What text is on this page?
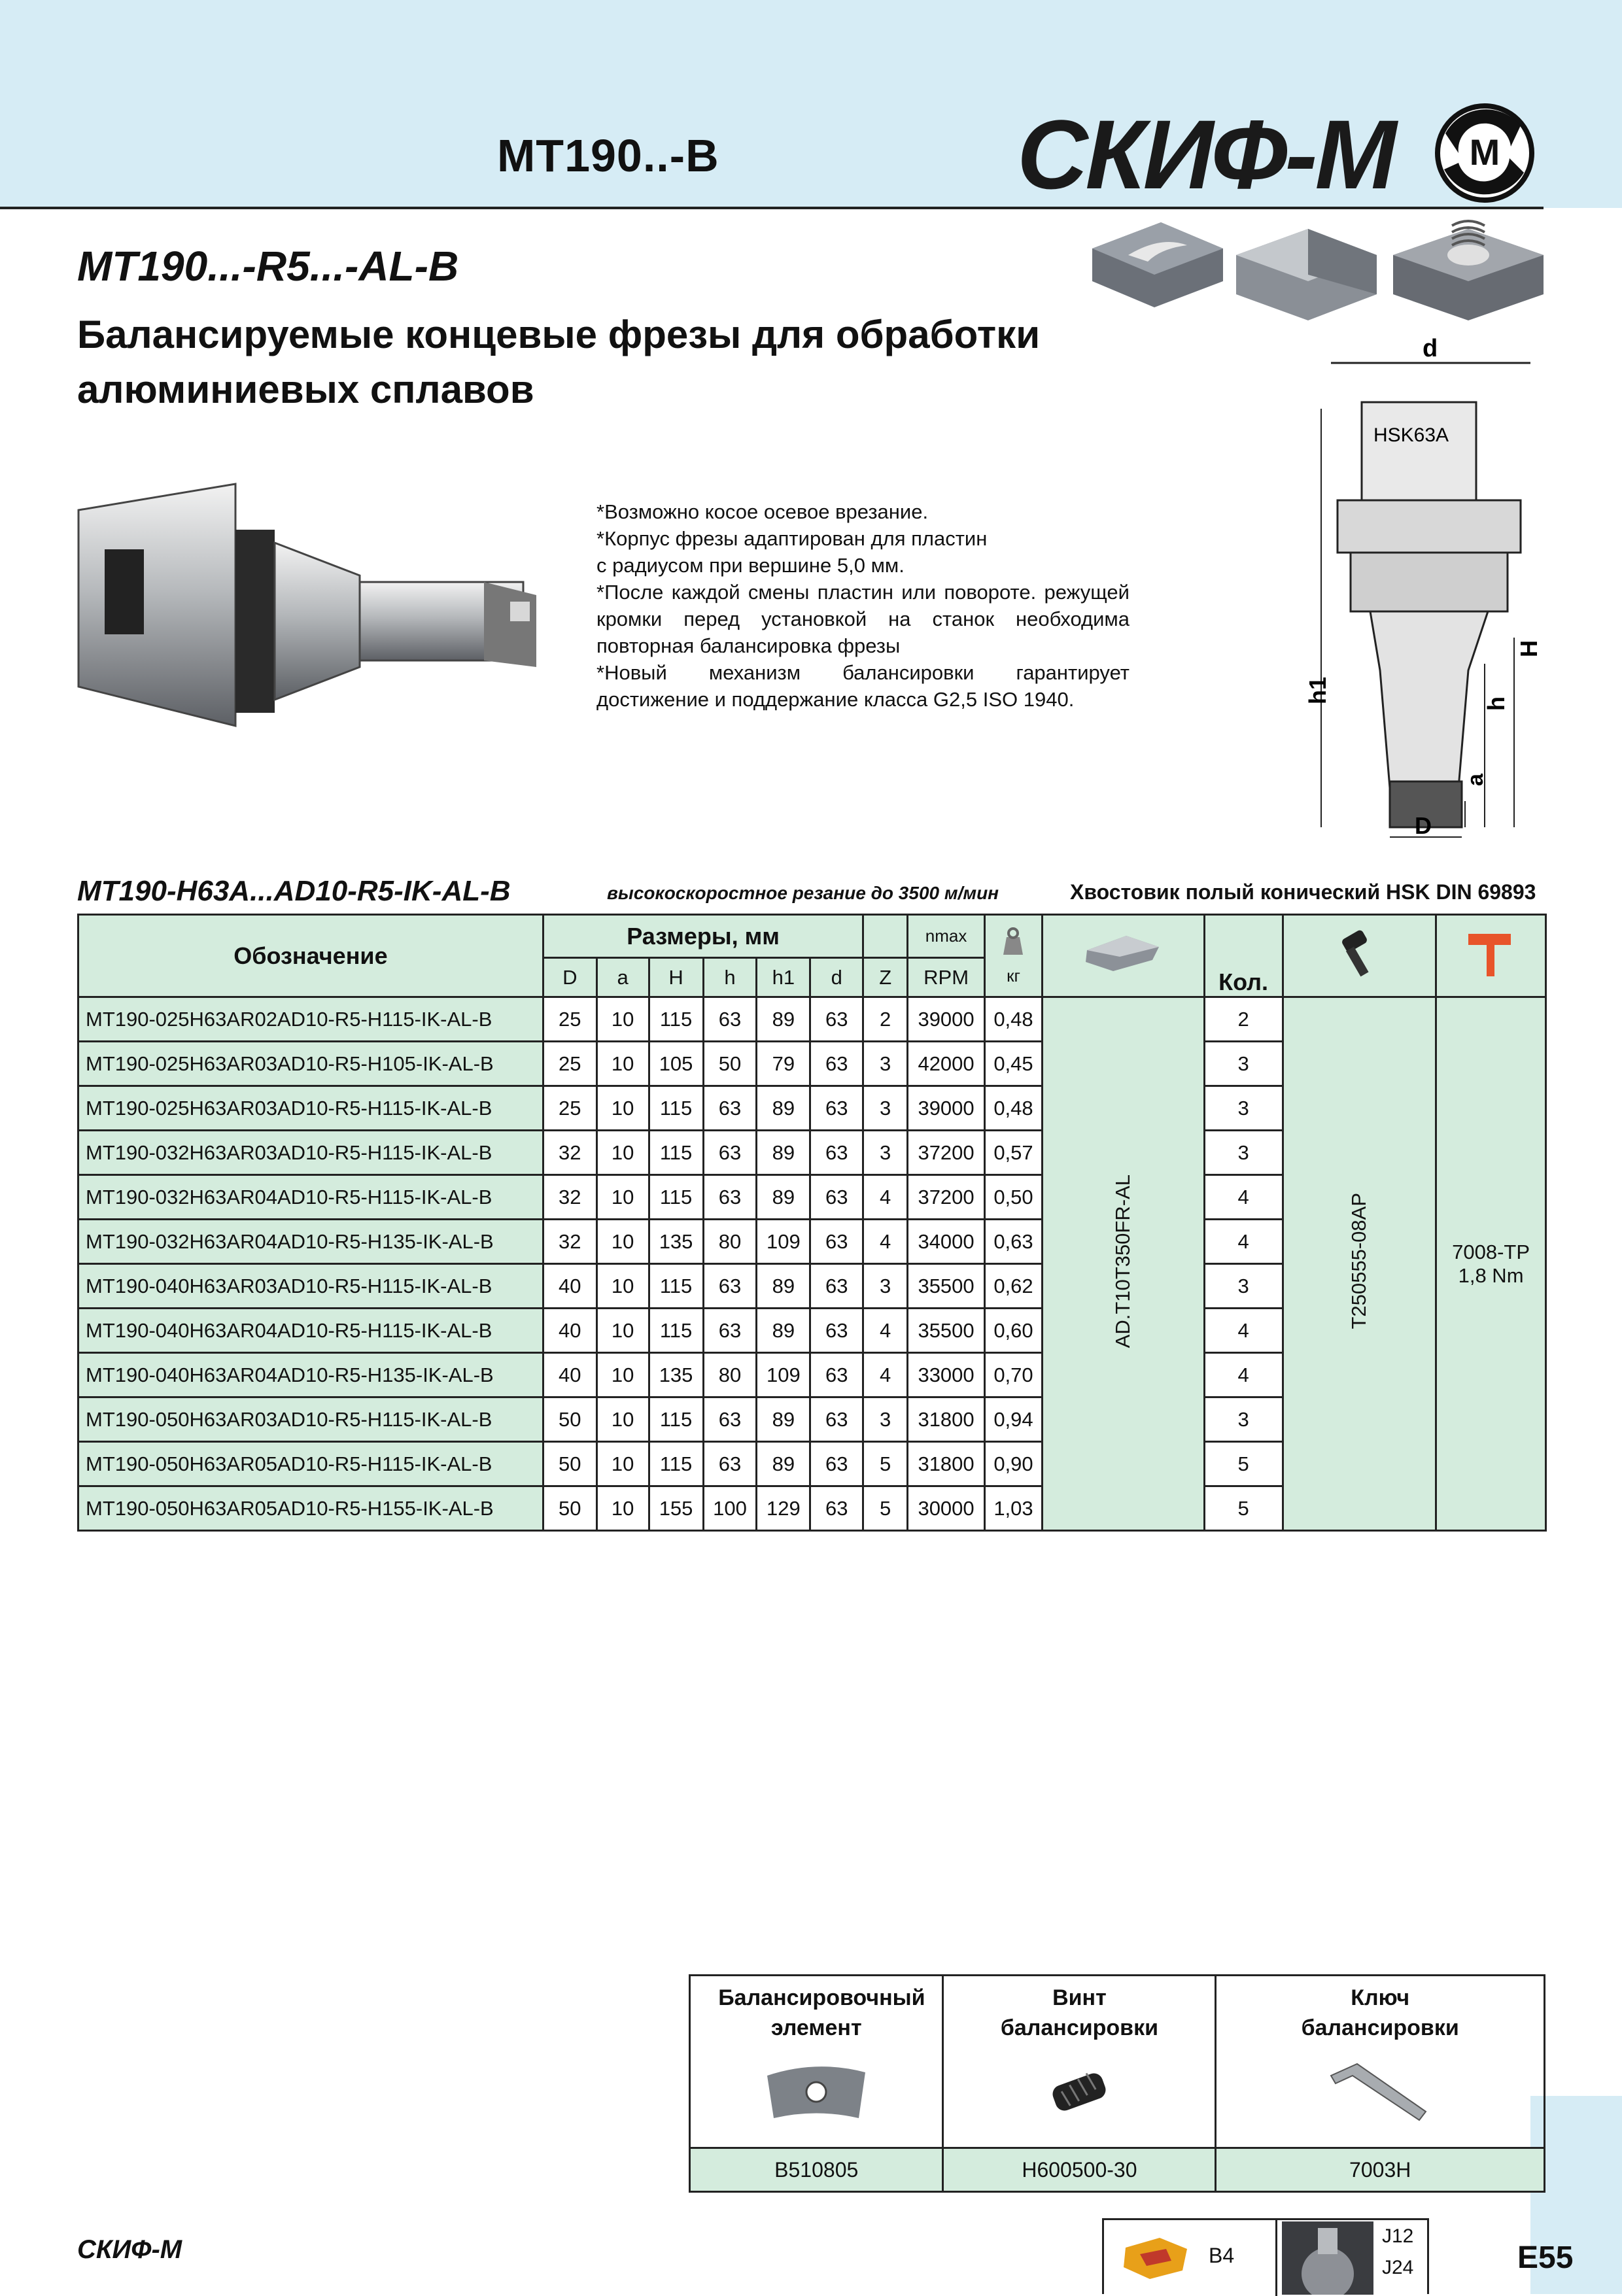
MT190..-B	СКИФ-М M
MT190...-R5...-AL-B
Балансируемые концевые фрезы для обработки алюминиевых сплавов
*Возможно косое осевое врезание.
*Корпус фрезы адаптирован для пластин
с радиусом при вершине 5,0 мм.
*После каждой смены пластин или повороте. режущей кромки перед установкой на станок необходима повторная балансировка фрезы
*Новый механизм балансировки гарантирует достижение и поддержание класса G2,5 ISO 1940.
d
HSK63A
h1
H
h
a
D
MT190-H63A...AD10-R5-IK-AL-B	высокоскоростное резание до 3500 м/мин	Хвостовик полый конический HSK DIN 69893
Обозначение	Размеры, мм							nmax	кг		Кол.		
	D	a	H	h	h1	d	Z	RPM					
MT190-025H63AR02AD10-R5-H115-IK-AL-B	25	10	115	63	89	63	2	39000	0,48	AD.T10T350FR-AL	2	T250555-08AP	7008-TP
1,8 Nm

MT190-025H63AR03AD10-R5-H105-IK-AL-B	25	10	105	50	79	63	3	42000	0,45		3		
MT190-025H63AR03AD10-R5-H115-IK-AL-B	25	10	115	63	89	63	3	39000	0,48		3		
MT190-032H63AR03AD10-R5-H115-IK-AL-B	32	10	115	63	89	63	3	37200	0,57		3		
MT190-032H63AR04AD10-R5-H115-IK-AL-B	32	10	115	63	89	63	4	37200	0,50		4		
MT190-032H63AR04AD10-R5-H135-IK-AL-B	32	10	135	80	109	63	4	34000	0,63		4		
MT190-040H63AR03AD10-R5-H115-IK-AL-B	40	10	115	63	89	63	3	35500	0,62		3		
MT190-040H63AR04AD10-R5-H115-IK-AL-B	40	10	115	63	89	63	4	35500	0,60		4		
MT190-040H63AR04AD10-R5-H135-IK-AL-B	40	10	135	80	109	63	4	33000	0,70		4		
MT190-050H63AR03AD10-R5-H115-IK-AL-B	50	10	115	63	89	63	3	31800	0,94		3		
MT190-050H63AR05AD10-R5-H115-IK-AL-B	50	10	115	63	89	63	5	31800	0,90		5		
MT190-050H63AR05AD10-R5-H155-IK-AL-B	50	10	155	100	129	63	5	30000	1,03		5		
Балансировочный элемент	Винт балансировки	Ключ балансировки

B510805	H600500-30	7003H
СКИФ-М	B4
J12
J24	E55
